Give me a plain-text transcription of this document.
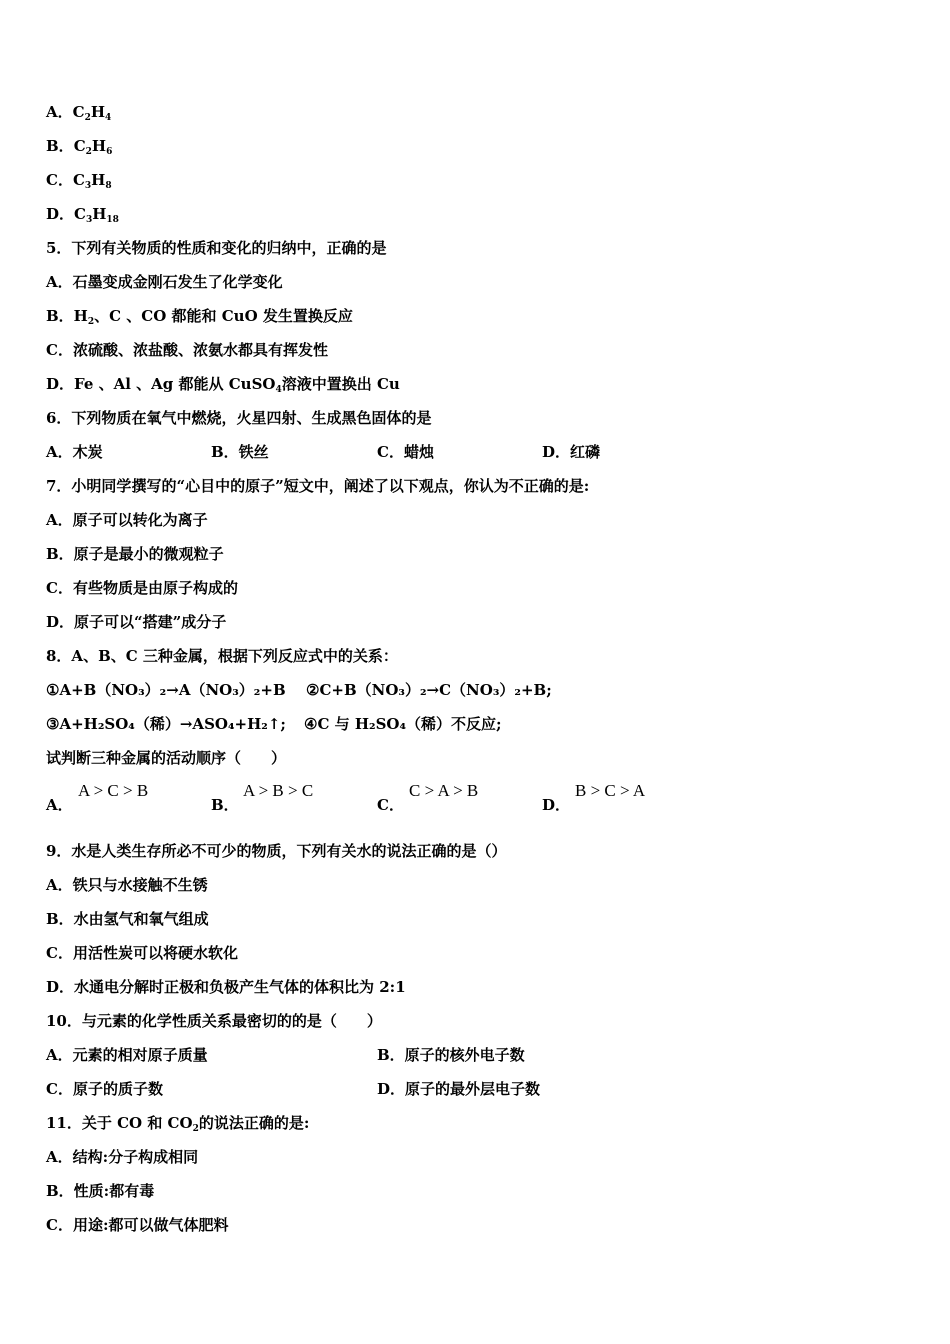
A．$C_2H_4$
B．$C_2H_6$
C．$C_3H_8$
D．$C_3H_{18}$
5．下列有关物质的性质和变化的归纳中，正确的是
A．石墨变成金刚石发生了化学变化
B．$H_2$、C 、CO 都能和 CuO 发生置换反应
C．浓硫酸、浓盐酸、浓氨水都具有挥发性
D．Fe 、Al 、Ag 都能从 CuSO$_4$溶液中置换出 Cu
6．下列物质在氧气中燃烧，火星四射、生成黑色固体的是
A．木炭	B．铁丝	C．蜡烛	D．红磷
7．小明同学撰写的“心目中的原子”短文中，阐述了以下观点，你认为不正确的是:
A．原子可以转化为离子
B．原子是最小的微观粒子
C．有些物质是由原子构成的
D．原子可以“搭建”成分子
8．A、B、C 三种金属，根据下列反应式中的关系：
①A+B（NO₃）₂→A（NO₃）₂+B ②C+B（NO₃）₂→C（NO₃）₂+B;
③A+H₂SO₄（稀）→ASO₄+H₂↑; ④C 与 H₂SO₄（稀）不反应;
试判断三种金属的活动顺序（　　）
A．
A > C > B
B．
A > B > C
C．
C > A > B
D．
B > C > A
9．水是人类生存所必不可少的物质，下列有关水的说法正确的是（）
A．铁只与水接触不生锈
B．水由氢气和氧气组成
C．用活性炭可以将硬水软化
D．水通电分解时正极和负极产生气体的体积比为 2:1
10．与元素的化学性质关系最密切的的是（　　）
A．元素的相对原子质量	B．原子的核外电子数
C．原子的质子数	D．原子的最外层电子数
11．关于 CO 和 $CO_2$的说法正确的是:
A．结构:分子构成相同
B．性质:都有毒
C．用途:都可以做气体肥料
